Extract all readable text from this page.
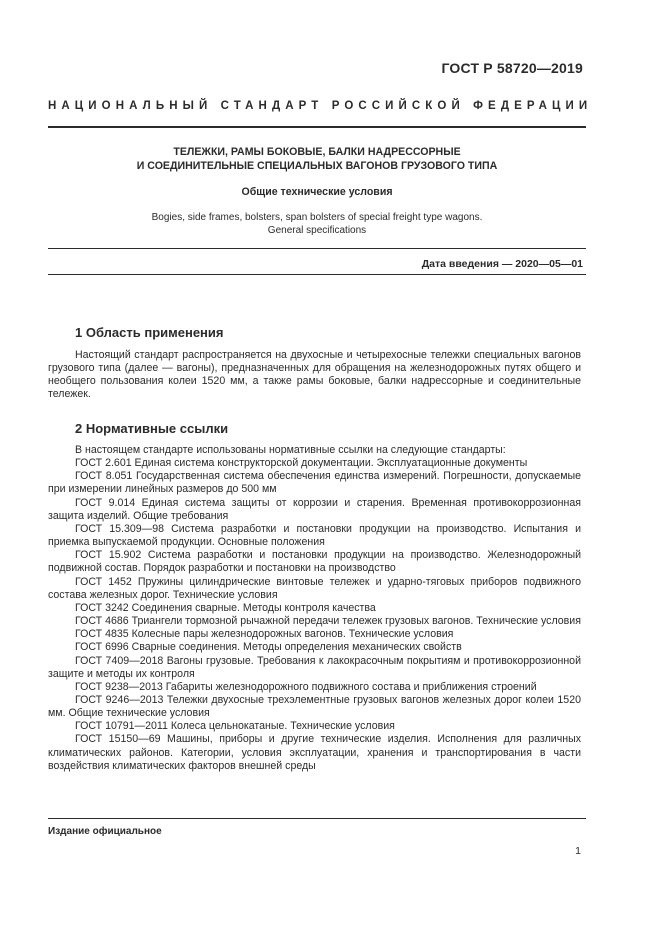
ГОСТ Р 58720—2019
НАЦИОНАЛЬНЫЙ СТАНДАРТ РОССИЙСКОЙ ФЕДЕРАЦИИ
ТЕЛЕЖКИ, РАМЫ БОКОВЫЕ, БАЛКИ НАДРЕССОРНЫЕ
И СОЕДИНИТЕЛЬНЫЕ СПЕЦИАЛЬНЫХ ВАГОНОВ ГРУЗОВОГО ТИПА
Общие технические условия
Bogies, side frames, bolsters, span bolsters of special freight type wagons.
General specifications
Дата введения — 2020—05—01
1 Область применения

Настоящий стандарт распространяется на двухосные и четырехосные тележки специальных вагонов грузового типа (далее — вагоны), предназначенных для обращения на железнодорожных путях общего и необщего пользования колеи 1520 мм, а также рамы боковые, балки надрессорные и соединительные тележек.

2 Нормативные ссылки

В настоящем стандарте использованы нормативные ссылки на следующие стандарты:

ГОСТ 2.601 Единая система конструкторской документации. Эксплуатационные документы

ГОСТ 8.051 Государственная система обеспечения единства измерений. Погрешности, допускаемые при измерении линейных размеров до 500 мм

ГОСТ 9.014 Единая система защиты от коррозии и старения. Временная противокоррозионная защита изделий. Общие требования

ГОСТ 15.309—98 Система разработки и постановки продукции на производство. Испытания и приемка выпускаемой продукции. Основные положения

ГОСТ 15.902 Система разработки и постановки продукции на производство. Железнодорожный подвижной состав. Порядок разработки и постановки на производство

ГОСТ 1452 Пружины цилиндрические винтовые тележек и ударно-тяговых приборов подвижного состава железных дорог. Технические условия

ГОСТ 3242 Соединения сварные. Методы контроля качества

ГОСТ 4686 Триангели тормозной рычажной передачи тележек грузовых вагонов. Технические условия

ГОСТ 4835 Колесные пары железнодорожных вагонов. Технические условия

ГОСТ 6996 Сварные соединения. Методы определения механических свойств

ГОСТ 7409—2018 Вагоны грузовые. Требования к лакокрасочным покрытиям и противокоррозионной защите и методы их контроля

ГОСТ 9238—2013 Габариты железнодорожного подвижного состава и приближения строений

ГОСТ 9246—2013 Тележки двухосные трехэлементные грузовых вагонов железных дорог колеи 1520 мм. Общие технические условия

ГОСТ 10791—2011 Колеса цельнокатаные. Технические условия

ГОСТ 15150—69 Машины, приборы и другие технические изделия. Исполнения для различных климатических районов. Категории, условия эксплуатации, хранения и транспортирования в части воздействия климатических факторов внешней среды

Издание официальное
1
